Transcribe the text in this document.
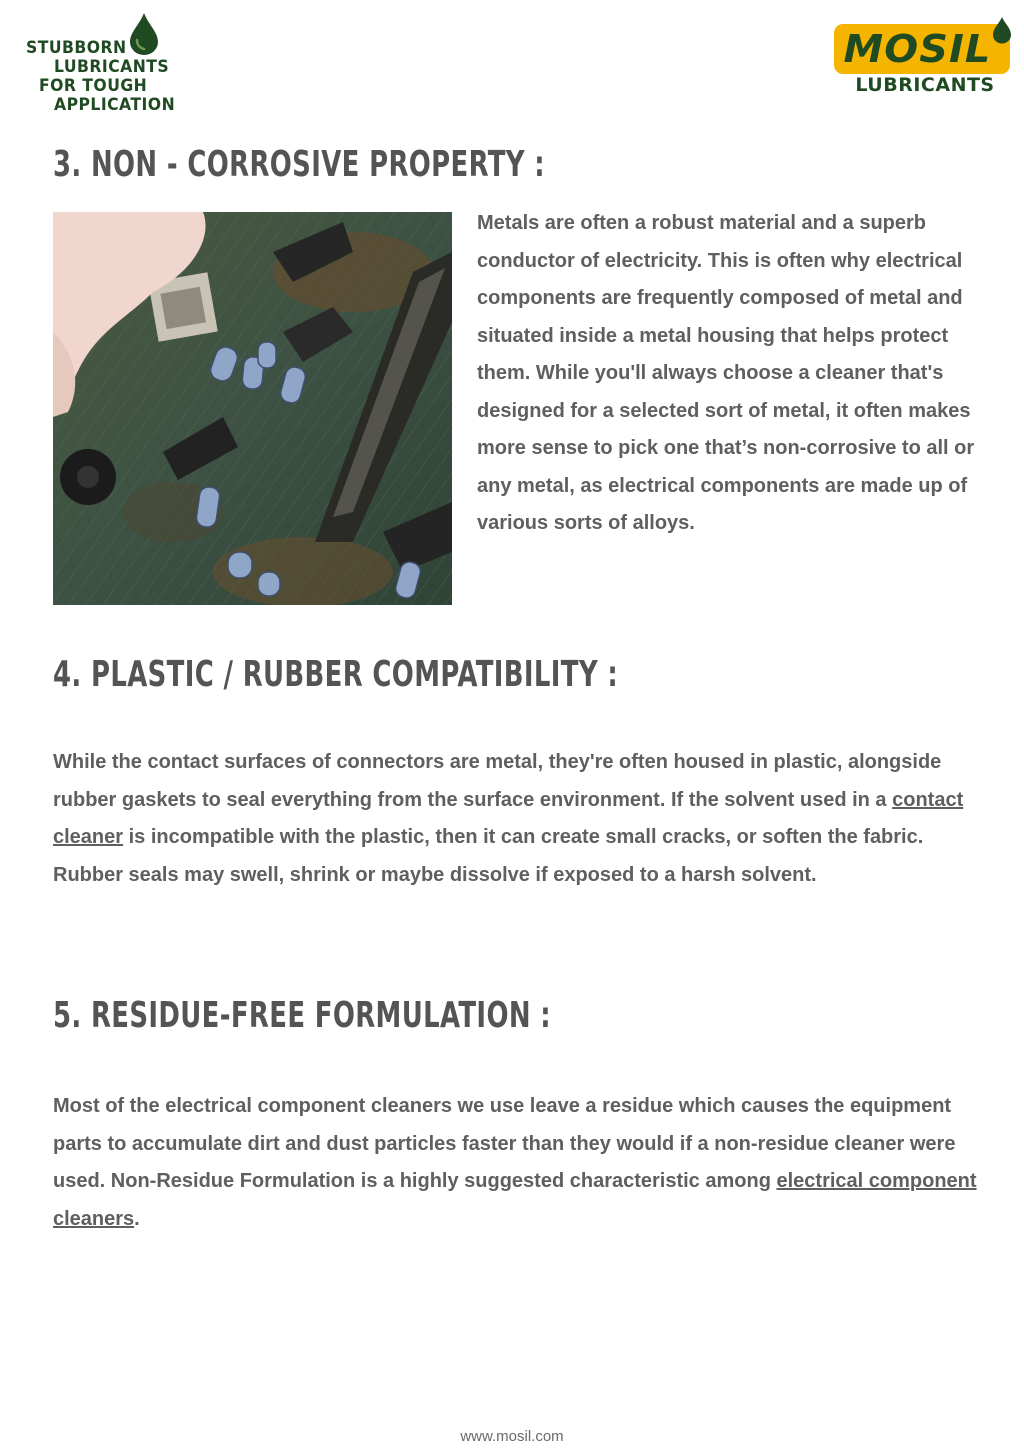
STUBBORN
LUBRICANTS
FOR TOUGH
APPLICATION
MOSIL
LUBRICANTS
3. NON - CORROSIVE PROPERTY :
Metals are often a robust material and a superb conductor of electricity. This is often why electrical components are frequently composed of metal and situated inside a metal housing that helps protect them. While you'll always choose a cleaner that's designed for a selected sort of metal, it often makes more sense to pick one that’s non-corrosive to all or any metal, as electrical components are made up of various sorts of alloys.
4. PLASTIC / RUBBER COMPATIBILITY :
While the contact surfaces of connectors are metal, they're often housed in plastic, alongside rubber gaskets to seal everything from the surface environment. If the solvent used in a contact cleaner is incompatible with the plastic, then it can create small cracks, or soften the fabric. Rubber seals may swell, shrink or maybe dissolve if exposed to a harsh solvent.
5. RESIDUE-FREE FORMULATION :
Most of the electrical component cleaners we use leave a residue which causes the equipment parts to accumulate dirt and dust particles faster than they would if a non-residue cleaner were used. Non-Residue Formulation is a highly suggested characteristic among electrical component cleaners.
www.mosil.com
